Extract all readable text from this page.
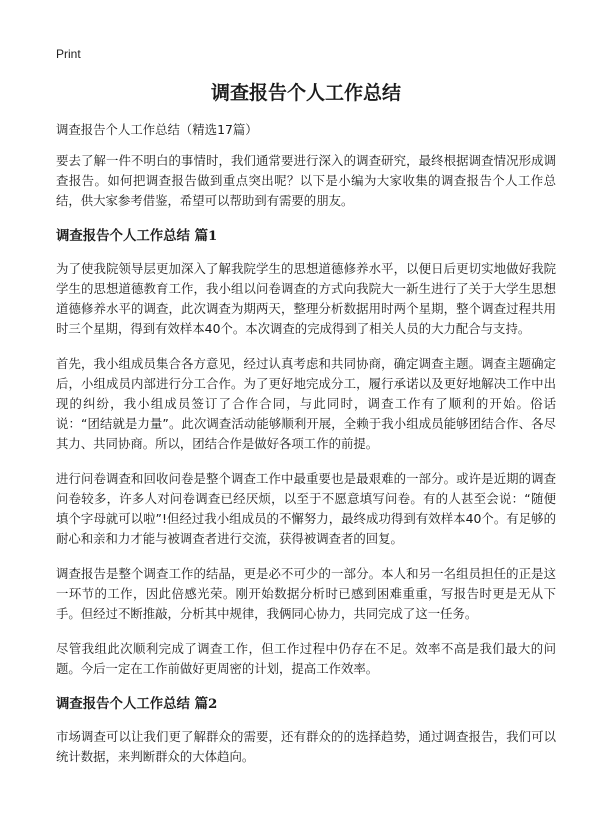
Print
调查报告个人工作总结

调查报告个人工作总结（精选17篇）

要去了解一件不明白的事情时，我们通常要进行深入的调查研究，最终根据调查情况形成调查报告。如何把调查报告做到重点突出呢？以下是小编为大家收集的调查报告个人工作总结，供大家参考借鉴，希望可以帮助到有需要的朋友。

调查报告个人工作总结 篇1

为了使我院领导层更加深入了解我院学生的思想道德修养水平，以便日后更切实地做好我院学生的思想道德教育工作，我小组以问卷调查的方式向我院大一新生进行了关于大学生思想道德修养水平的调查，此次调查为期两天，整理分析数据用时两个星期，整个调查过程共用时三个星期，得到有效样本40个。本次调查的完成得到了相关人员的大力配合与支持。

首先，我小组成员集合各方意见，经过认真考虑和共同协商，确定调查主题。调查主题确定后，小组成员内部进行分工合作。为了更好地完成分工，履行承诺以及更好地解决工作中出现的纠纷，我小组成员签订了合作合同，与此同时，调查工作有了顺利的开始。俗话说：“团结就是力量”。此次调查活动能够顺利开展，全赖于我小组成员能够团结合作、各尽其力、共同协商。所以，团结合作是做好各项工作的前提。

进行问卷调查和回收问卷是整个调查工作中最重要也是最艰难的一部分。或许是近期的调查问卷较多，许多人对问卷调查已经厌烦，以至于不愿意填写问卷。有的人甚至会说：“随便填个字母就可以啦”!但经过我小组成员的不懈努力，最终成功得到有效样本40个。有足够的耐心和亲和力才能与被调查者进行交流，获得被调查者的回复。

调查报告是整个调查工作的结晶，更是必不可少的一部分。本人和另一名组员担任的正是这一环节的工作，因此倍感光荣。刚开始数据分析时已感到困难重重，写报告时更是无从下手。但经过不断推敲，分析其中规律，我俩同心协力，共同完成了这一任务。

尽管我组此次顺利完成了调查工作，但工作过程中仍存在不足。效率不高是我们最大的问题。今后一定在工作前做好更周密的计划，提高工作效率。

调查报告个人工作总结 篇2

市场调查可以让我们更了解群众的需要，还有群众的的选择趋势，通过调查报告，我们可以统计数据，来判断群众的大体趋向。
